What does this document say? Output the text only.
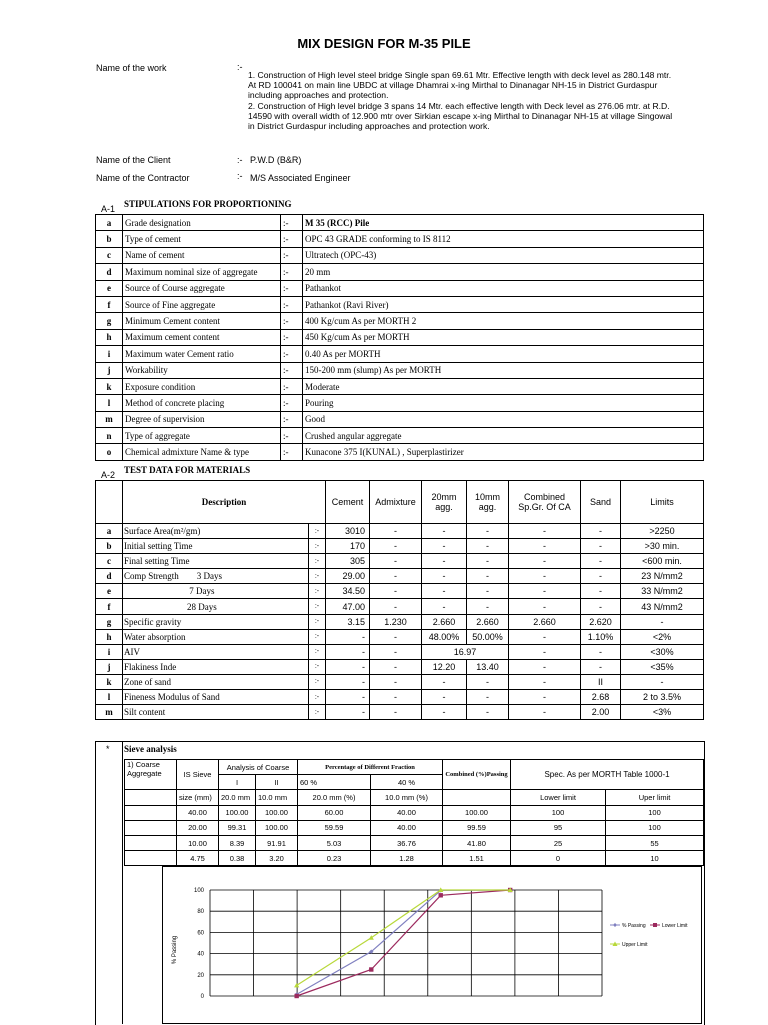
MIX DESIGN FOR M-35 PILE
Name of the work	:-
1. Construction of High level steel bridge Single span 69.61 Mtr. Effective length with deck level as 280.148 mtr. At RD 100041 on main line UBDC at village Dhamrai x-ing Mirthal to Dinanagar NH-15 in District Gurdaspur including approaches and protection.
2. Construction of High level bridge 3 spans 14 Mtr. each effective length with Deck level as 276.06 mtr. at R.D. 14590 with overall width of 12.900 mtr over Sirkian escape x-ing Mirthal to Dinanagar NH-15 at village Singowal in District Gurdaspur including approaches and protection work.
Name of the Client	:- P.W.D (B&R)
Name of the Contractor	:- M/S Associated Engineer
A-1 STIPULATIONS FOR PROPORTIONING
a	Grade designation	:-	M 35 (RCC) Pile
b	Type of cement	:-	OPC 43 GRADE conforming to IS 8112
c	Name of cement	:-	Ultratech (OPC-43)
d	Maximum nominal size of aggregate	:-	20 mm
e	Source of Course aggregate	:-	Pathankot
f	Source of Fine aggregate	:-	Pathankot (Ravi River)
g	Minimum Cement content	:-	400 Kg/cum As per MORTH 2
h	Maximum cement content	:-	450 Kg/cum As per MORTH
i	Maximum water Cement ratio	:-	0.40 As per MORTH
j	Workability	:-	150-200 mm (slump) As per MORTH
k	Exposure condition	:-	Moderate
l	Method of concrete placing	:-	Pouring
m	Degree of supervision	:-	Good
n	Type of aggregate	:-	Crushed angular aggregate
o	Chemical admixture Name & type	:-	Kunacone 375 I(KUNAL) , Superplastirizer
A-2 TEST DATA FOR MATERIALS
	Description		Cement	Admixture	20mm agg.	10mm agg.	Combined Sp.Gr. Of CA	Sand	Limits
a	Surface Area(m²/gm)	:-	3010	-	-	-	-	-	>2250
b	Initial setting Time	:-	170	-	-	-	-	-	>30 min.
c	Final setting Time	:-	305	-	-	-	-	-	<600 min.
d	Comp Strength        3 Days	:-	29.00	-	-	-	-	-	23 N/mm2
e	7 Days	:-	34.50	-	-	-	-	-	33 N/mm2
f	28 Days	:-	47.00	-	-	-	-	-	43 N/mm2
g	Specific gravity	:-	3.15	1.230	2.660	2.660	2.660	2.620	-
h	Water absorption	:-	-	-	48.00%	50.00%	-	1.10%	<2%
i	AIV	:-	-	-	16.97		-	-	<30%
j	Flakiness Inde	:-	-	-	12.20	13.40	-	-	<35%
k	Zone of sand	:-	-	-	-	-	-	II	-
l	Fineness Modulus of Sand	:-	-	-	-	-	-	2.68	2 to 3.5%
m	Silt content	:-	-	-	-	-	-	2.00	<3%
* Sieve analysis
1) Coarse Aggregate	IS Sieve	Analysis of Coarse		Percentage of Different Fraction		Combined (%)Passing	Spec. As per MORTH Table 1000-1	
		I	II	60 %	40 %			
	size (mm)	20.0 mm	10.0 mm	20.0 mm (%)	10.0 mm (%)		Lower limit	Uper limit
	40.00	100.00	100.00	60.00	40.00	100.00	100	100
	20.00	99.31	100.00	59.59	40.00	99.59	95	100
	10.00	8.39	91.91	5.03	36.76	41.80	25	55
	4.75	0.38	3.20	0.23	1.28	1.51	0	10
% Passing
100
80
60
40
20
0
% Passing	Lower Limit
Upper Limit
